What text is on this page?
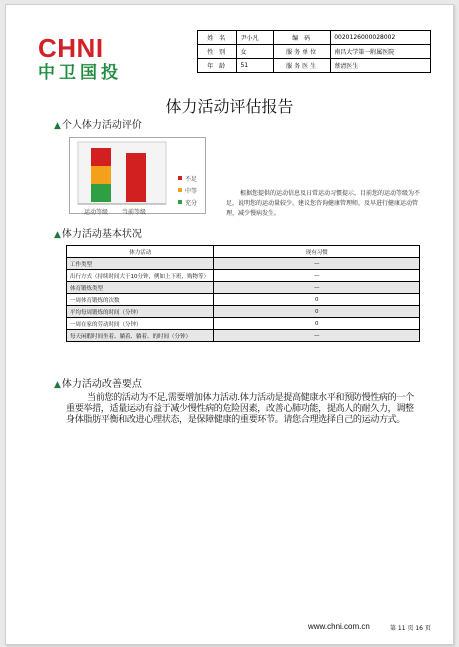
CHNI
中卫国投
姓 名	尹小凡	编 码	0020126000028002
性 别	女	服务单位	南昌大学第一附属医院
年 龄	51	服务医生	蔡清医生
体力活动评估报告
▲个人体力活动评价
不足
中等
充分
运动等级 当前等级
根据您提供的运动信息及日常运动习惯提示，目前您的运动等级为不足，说明您的运动量较少。建议您咨询健康管理师，及早进行健康运动管理，减少慢病发生。
▲体力活动基本状况
体力活动	现有习惯
工作类型	—
出行方式（持续时间大于10分钟，例如上下班，购物等）	—
体育锻炼类型	—
一周体育锻炼的次数	0
平均每周锻炼的时间（分钟）	0
一周在家的劳动时间（分钟）	0
每天闲暇时间坐着、躺着、躺着、的时间（分钟）	—
▲体力活动改善要点
当前您的活动为不足,需要增加体力活动.体力活动是提高健康水平和预防慢性病的一个重要举措，适量运动有益于减少慢性病的危险因素，改善心肺功能，提高人的耐久力，调整身体脂肪平衡和改进心理状态，是保障健康的重要环节。请您合理选择自己的运动方式。
www.chni.com.cn	第 11 页 16 页
